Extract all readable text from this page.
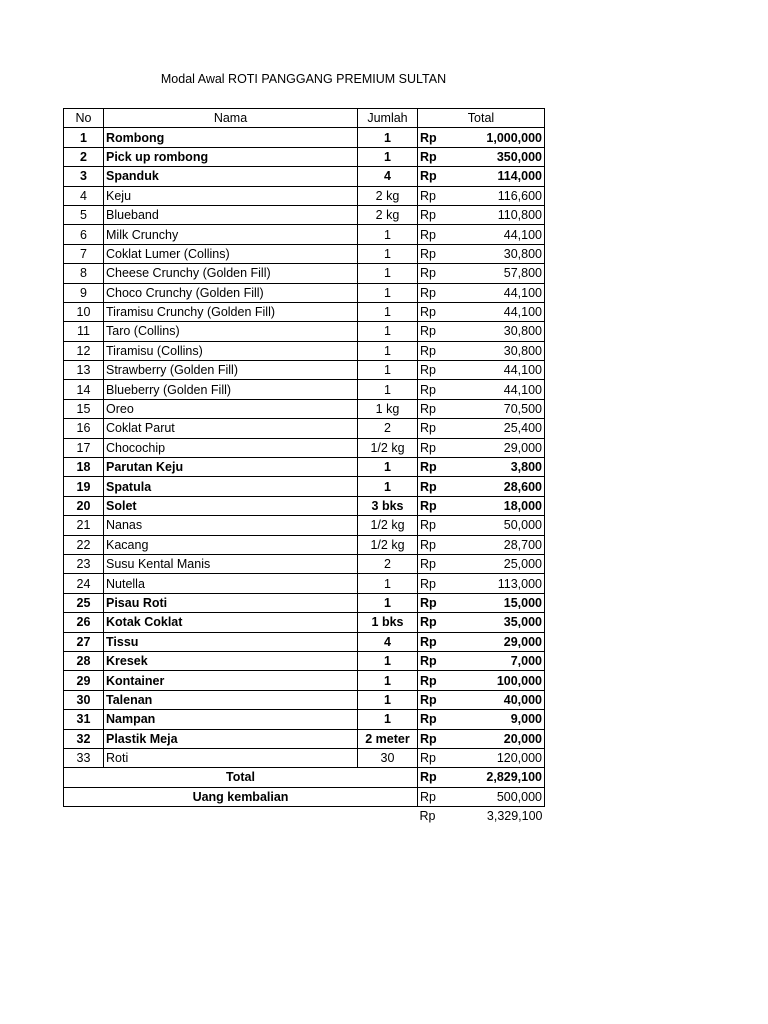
Modal Awal ROTI PANGGANG PREMIUM SULTAN
No	Nama	Jumlah	Total	
1	Rombong	1	Rp	1,000,000
2	Pick up rombong	1	Rp	350,000
3	Spanduk	4	Rp	114,000
4	Keju	2 kg	Rp	116,600
5	Blueband	2 kg	Rp	110,800
6	Milk Crunchy	1	Rp	44,100
7	Coklat Lumer (Collins)	1	Rp	30,800
8	Cheese Crunchy (Golden Fill)	1	Rp	57,800
9	Choco Crunchy (Golden Fill)	1	Rp	44,100
10	Tiramisu Crunchy (Golden Fill)	1	Rp	44,100
11	Taro (Collins)	1	Rp	30,800
12	Tiramisu (Collins)	1	Rp	30,800
13	Strawberry (Golden Fill)	1	Rp	44,100
14	Blueberry (Golden Fill)	1	Rp	44,100
15	Oreo	1 kg	Rp	70,500
16	Coklat Parut	2	Rp	25,400
17	Chocochip	1/2 kg	Rp	29,000
18	Parutan Keju	1	Rp	3,800
19	Spatula	1	Rp	28,600
20	Solet	3 bks	Rp	18,000
21	Nanas	1/2 kg	Rp	50,000
22	Kacang	1/2 kg	Rp	28,700
23	Susu Kental Manis	2	Rp	25,000
24	Nutella	1	Rp	113,000
25	Pisau Roti	1	Rp	15,000
26	Kotak Coklat	1 bks	Rp	35,000
27	Tissu	4	Rp	29,000
28	Kresek	1	Rp	7,000
29	Kontainer	1	Rp	100,000
30	Talenan	1	Rp	40,000
31	Nampan	1	Rp	9,000
32	Plastik Meja	2 meter	Rp	20,000
33	Roti	30	Rp	120,000
Total			Rp	2,829,100
Uang kembalian			Rp	500,000
			Rp	3,329,100
